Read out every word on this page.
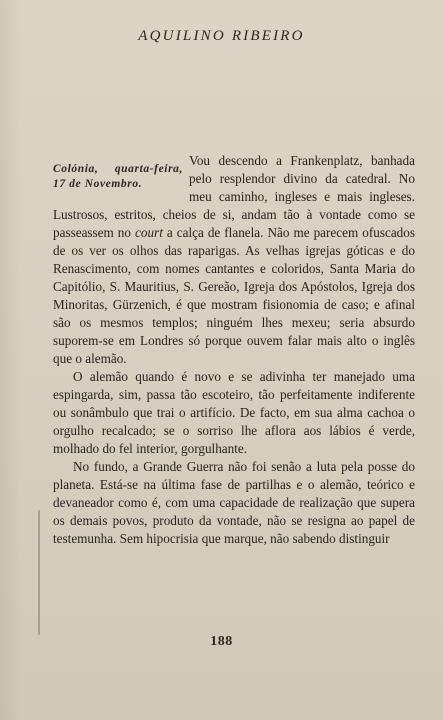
AQUILINO RIBEIRO
Colónia, quarta-feira, 17 de Novembro.

Vou descendo a Frankenplatz, banhada pelo resplendor divino da catedral. No meu caminho, ingleses e mais ingleses. Lustrosos, estritos, cheios de si, andam tão à vontade como se passeassem no court a calça de flanela. Não me parecem ofuscados de os ver os olhos das raparigas. As velhas igrejas góticas e do Renascimento, com nomes cantantes e coloridos, Santa Maria do Capitólio, S. Mauritius, S. Gereão, Igreja dos Apóstolos, Igreja dos Minoritas, Gürzenich, é que mostram fisionomia de caso; e afinal são os mesmos templos; ninguém lhes mexeu; seria absurdo suporem-se em Londres só porque ouvem falar mais alto o inglês que o alemão.

O alemão quando é novo e se adivinha ter manejado uma espingarda, sim, passa tão escoteiro, tão perfeitamente indiferente ou sonâmbulo que trai o artifício. De facto, em sua alma cachoa o orgulho recalcado; se o sorriso lhe aflora aos lábios é verde, molhado do fel interior, gorgulhante.

No fundo, a Grande Guerra não foi senão a luta pela posse do planeta. Está-se na última fase de partilhas e o alemão, teórico e devaneador como é, com uma capacidade de realização que supera os demais povos, produto da vontade, não se resigna ao papel de testemunha. Sem hipocrisia que marque, não sabendo distinguir

188
